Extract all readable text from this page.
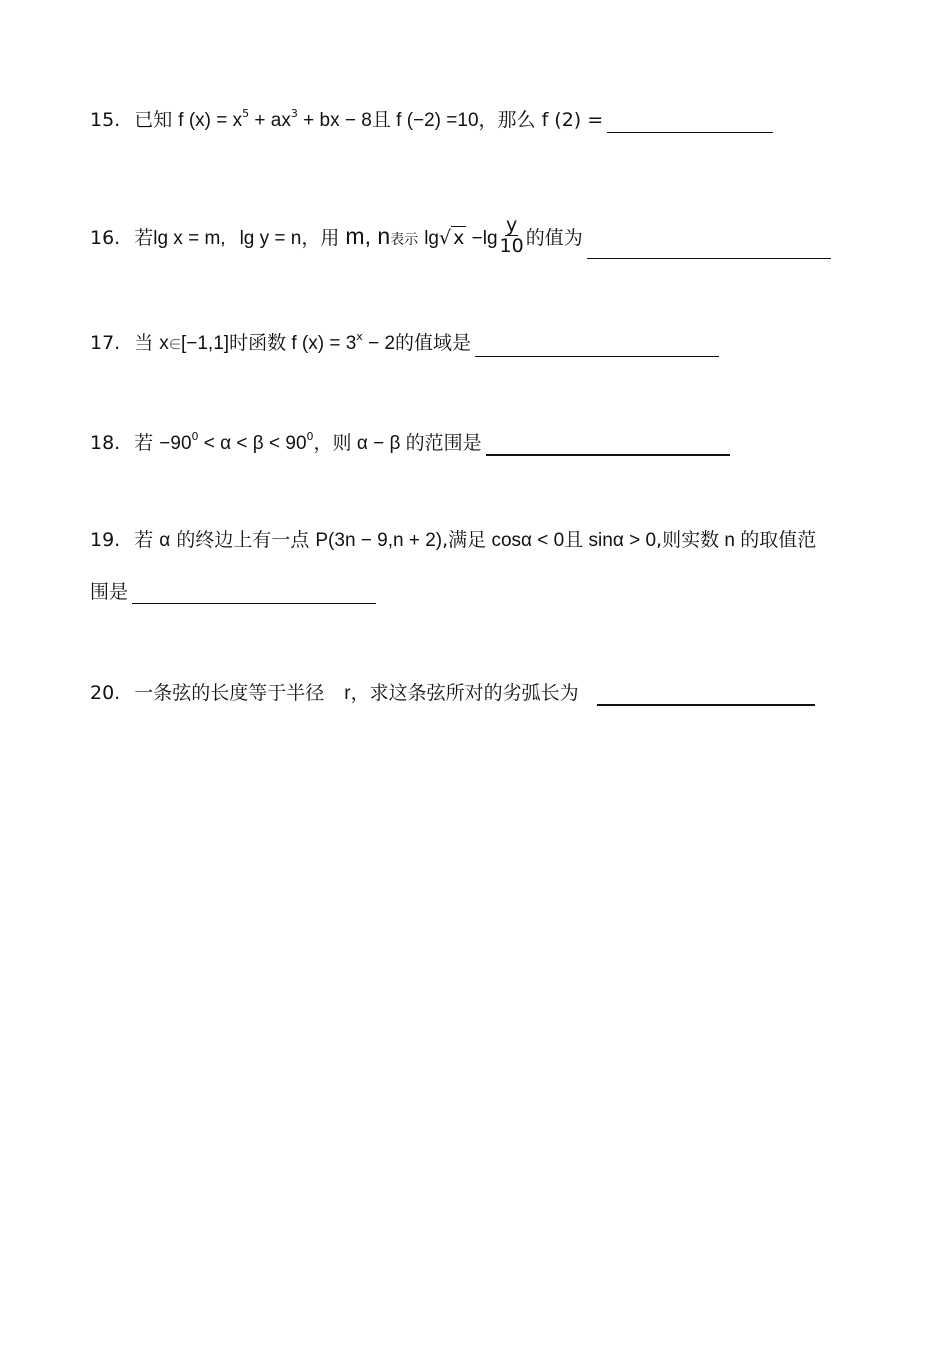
15. 已知 f $(x) = x^5 + ax^3$ + bx − 8且 f (−2) =10，那么 f (2) =
16. 若lg x = m, lg y = n，用 m, n表示 lg√ $x -\lg \frac{y}{10}$ 的值为
17. 当 x∈[−1,1]时函数 f $(x) = 3^x - 2$的值域是
18. 若 $-90^0 < \alpha < \beta < 90^0$，则 α − β 的范围是
19. 若 α 的终边上有一点 P(3n − 9,n + 2),满足 cosα < 0且 sinα > 0,则实数 n 的取值范
围是
20. 一条弦的长度等于半径 r，求这条弦所对的劣弧长为
